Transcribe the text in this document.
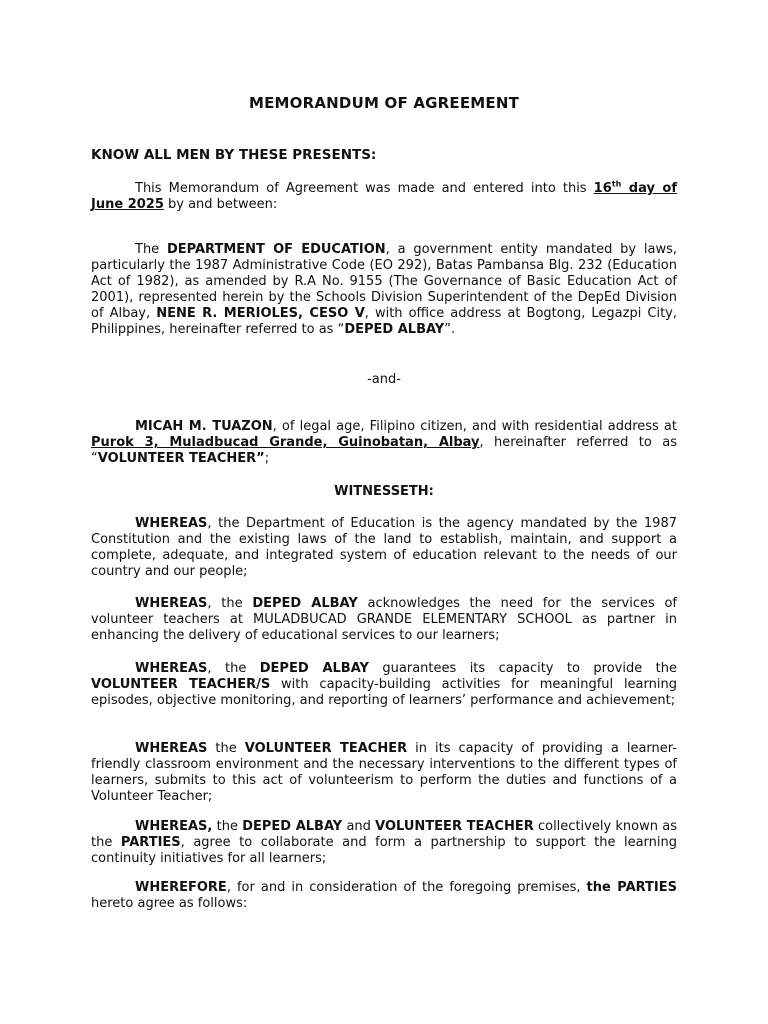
MEMORANDUM OF AGREEMENT
KNOW ALL MEN BY THESE PRESENTS:
This Memorandum of Agreement was made and entered into this 16th day of June 2025 by and between:
The DEPARTMENT OF EDUCATION, a government entity mandated by laws, particularly the 1987 Administrative Code (EO 292), Batas Pambansa Blg. 232 (Education Act of 1982), as amended by R.A No. 9155 (The Governance of Basic Education Act of 2001), represented herein by the Schools Division Superintendent of the DepEd Division of Albay, NENE R. MERIOLES, CESO V, with office address at Bogtong, Legazpi City, Philippines, hereinafter referred to as “DEPED ALBAY”.
-and-
MICAH M. TUAZON, of legal age, Filipino citizen, and with residential address at Purok 3, Muladbucad Grande, Guinobatan, Albay, hereinafter referred to as “VOLUNTEER TEACHER”;
WITNESSETH:
WHEREAS, the Department of Education is the agency mandated by the 1987 Constitution and the existing laws of the land to establish, maintain, and support a complete, adequate, and integrated system of education relevant to the needs of our country and our people;
WHEREAS, the DEPED ALBAY acknowledges the need for the services of volunteer teachers at MULADBUCAD GRANDE ELEMENTARY SCHOOL as partner in enhancing the delivery of educational services to our learners;
WHEREAS, the DEPED ALBAY guarantees its capacity to provide the VOLUNTEER TEACHER/S with capacity-building activities for meaningful learning episodes, objective monitoring, and reporting of learners’ performance and achievement;
WHEREAS the VOLUNTEER TEACHER in its capacity of providing a learner-friendly classroom environment and the necessary interventions to the different types of learners, submits to this act of volunteerism to perform the duties and functions of a Volunteer Teacher;
WHEREAS, the DEPED ALBAY and VOLUNTEER TEACHER collectively known as the PARTIES, agree to collaborate and form a partnership to support the learning continuity initiatives for all learners;
WHEREFORE, for and in consideration of the foregoing premises, the PARTIES hereto agree as follows:
